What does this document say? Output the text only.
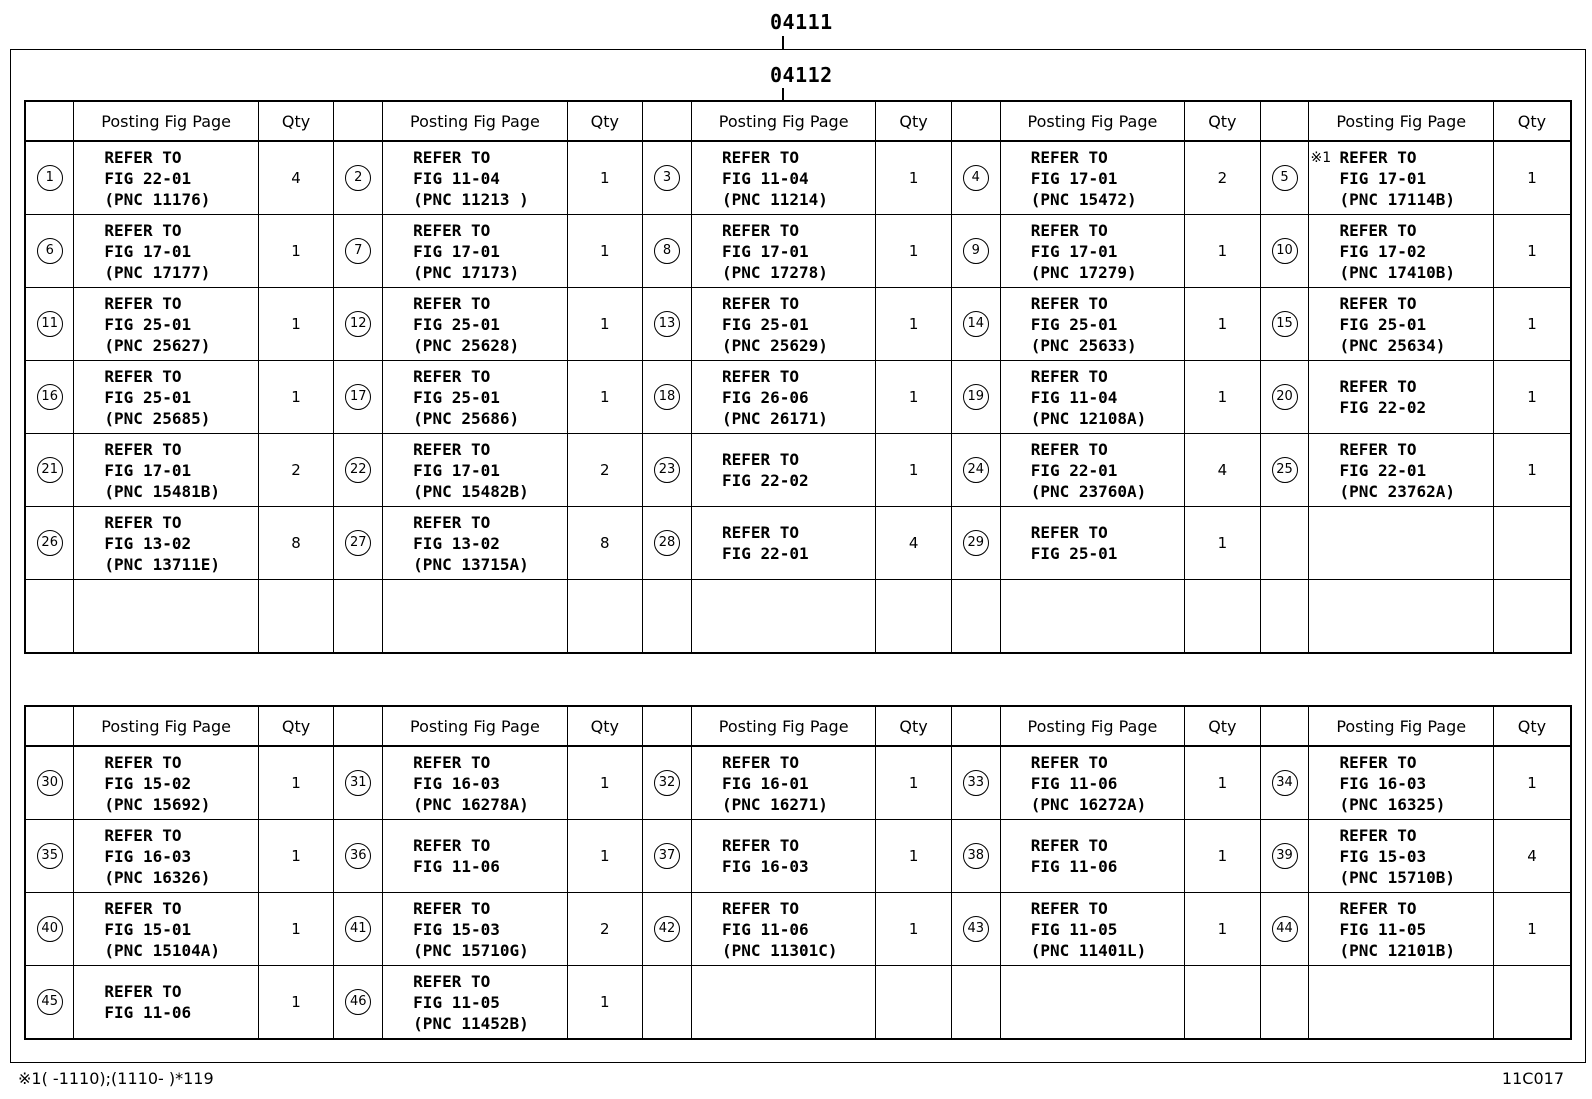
04111
04112
	Posting Fig Page	Qty		Posting Fig Page	Qty		Posting Fig Page	Qty		Posting Fig Page	Qty		Posting Fig Page	Qty
1	REFER TO
FIG 22-01
(PNC 11176)	4	2	REFER TO
FIG 11-04
(PNC 11213 )	1	3	REFER TO
FIG 11-04
(PNC 11214)	1	4	REFER TO
FIG 17-01
(PNC 15472)	2	5	※1 REFER TO
FIG 17-01
(PNC 17114B)	1
6	REFER TO
FIG 17-01
(PNC 17177)	1	7	REFER TO
FIG 17-01
(PNC 17173)	1	8	REFER TO
FIG 17-01
(PNC 17278)	1	9	REFER TO
FIG 17-01
(PNC 17279)	1	10	REFER TO
FIG 17-02
(PNC 17410B)	1
11	REFER TO
FIG 25-01
(PNC 25627)	1	12	REFER TO
FIG 25-01
(PNC 25628)	1	13	REFER TO
FIG 25-01
(PNC 25629)	1	14	REFER TO
FIG 25-01
(PNC 25633)	1	15	REFER TO
FIG 25-01
(PNC 25634)	1
16	REFER TO
FIG 25-01
(PNC 25685)	1	17	REFER TO
FIG 25-01
(PNC 25686)	1	18	REFER TO
FIG 26-06
(PNC 26171)	1	19	REFER TO
FIG 11-04
(PNC 12108A)	1	20	REFER TO
FIG 22-02	1
21	REFER TO
FIG 17-01
(PNC 15481B)	2	22	REFER TO
FIG 17-01
(PNC 15482B)	2	23	REFER TO
FIG 22-02	1	24	REFER TO
FIG 22-01
(PNC 23760A)	4	25	REFER TO
FIG 22-01
(PNC 23762A)	1
26	REFER TO
FIG 13-02
(PNC 13711E)	8	27	REFER TO
FIG 13-02
(PNC 13715A)	8	28	REFER TO
FIG 22-01	4	29	REFER TO
FIG 25-01	1			

	Posting Fig Page	Qty		Posting Fig Page	Qty		Posting Fig Page	Qty		Posting Fig Page	Qty		Posting Fig Page	Qty
30	REFER TO
FIG 15-02
(PNC 15692)	1	31	REFER TO
FIG 16-03
(PNC 16278A)	1	32	REFER TO
FIG 16-01
(PNC 16271)	1	33	REFER TO
FIG 11-06
(PNC 16272A)	1	34	REFER TO
FIG 16-03
(PNC 16325)	1
35	REFER TO
FIG 16-03
(PNC 16326)	1	36	REFER TO
FIG 11-06	1	37	REFER TO
FIG 16-03	1	38	REFER TO
FIG 11-06	1	39	REFER TO
FIG 15-03
(PNC 15710B)	4
40	REFER TO
FIG 15-01
(PNC 15104A)	1	41	REFER TO
FIG 15-03
(PNC 15710G)	2	42	REFER TO
FIG 11-06
(PNC 11301C)	1	43	REFER TO
FIG 11-05
(PNC 11401L)	1	44	REFER TO
FIG 11-05
(PNC 12101B)	1
45	REFER TO
FIG 11-06	1	46	REFER TO
FIG 11-05
(PNC 11452B)	1									
※1( -1110);(1110- )*119	11C017
